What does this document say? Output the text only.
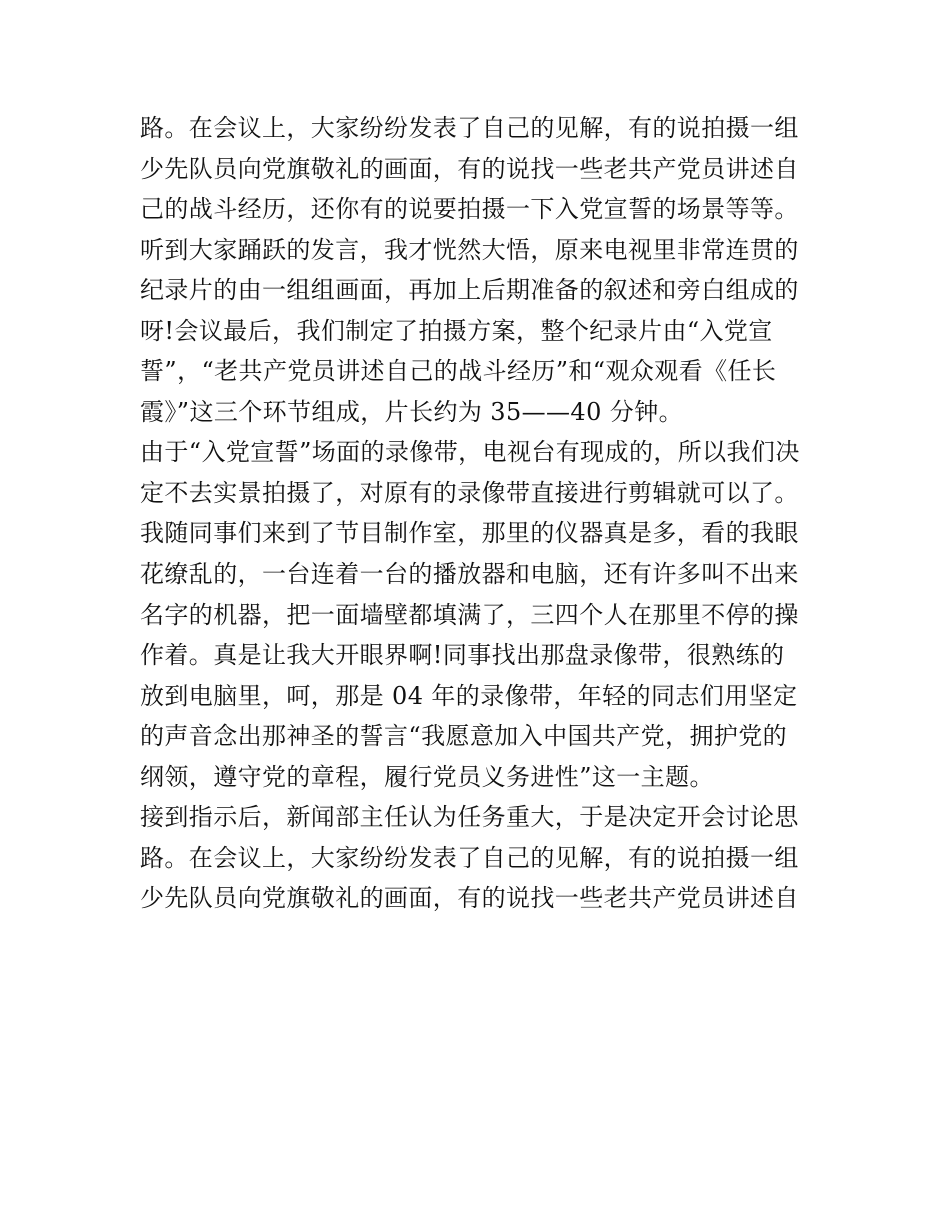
路。在会议上，大家纷纷发表了自己的见解，有的说拍摄一组
少先队员向党旗敬礼的画面，有的说找一些老共产党员讲述自
己的战斗经历，还你有的说要拍摄一下入党宣誓的场景等等。
听到大家踊跃的发言，我才恍然大悟，原来电视里非常连贯的
纪录片的由一组组画面，再加上后期准备的叙述和旁白组成的
呀!会议最后，我们制定了拍摄方案，整个纪录片由“入党宣
誓”，“老共产党员讲述自己的战斗经历”和“观众观看《任长
霞》”这三个环节组成，片长约为 35——40 分钟。
由于“入党宣誓”场面的录像带，电视台有现成的，所以我们决
定不去实景拍摄了，对原有的录像带直接进行剪辑就可以了。
我随同事们来到了节目制作室，那里的仪器真是多，看的我眼
花缭乱的，一台连着一台的播放器和电脑，还有许多叫不出来
名字的机器，把一面墙壁都填满了，三四个人在那里不停的操
作着。真是让我大开眼界啊!同事找出那盘录像带，很熟练的
放到电脑里，呵，那是 04 年的录像带，年轻的同志们用坚定
的声音念出那神圣的誓言“我愿意加入中国共产党，拥护党的
纲领，遵守党的章程，履行党员义务进性”这一主题。
接到指示后，新闻部主任认为任务重大，于是决定开会讨论思
路。在会议上，大家纷纷发表了自己的见解，有的说拍摄一组
少先队员向党旗敬礼的画面，有的说找一些老共产党员讲述自
